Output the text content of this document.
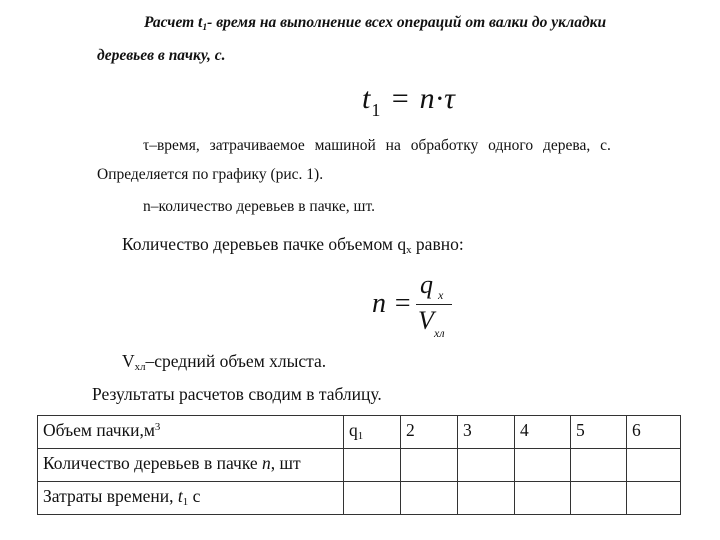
Расчет t1- время на выполнение всех операций от валки до укладки
деревьев в пачку, с.
$t_1 = n\cdot\tau$
τ–время, затрачиваемое машиной на обработку одного дерева, с.
Определяется по графику (рис. 1).
n–количество деревьев в пачке, шт.
Количество деревьев пачке объемом qх равно:
n =
q x
V хл
Vхл–средний объем хлыста.
Результаты расчетов сводим в таблицу.
Объем $пачки,м^3$	q1	2	3	4	5	6
Количество деревьев в пачке n, шт						
Затраты времени, t1 с						
